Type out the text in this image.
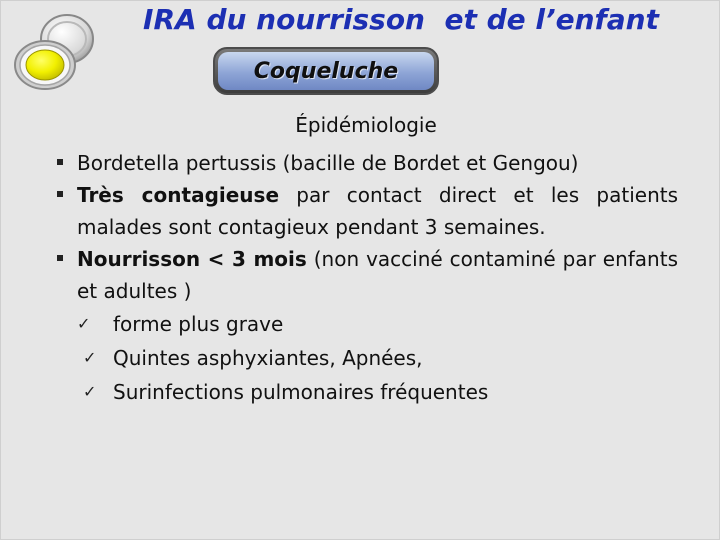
IRA du nourrisson  et de l’enfant
Coqueluche
Épidémiologie
Bordetella pertussis (bacille de Bordet et Gengou)
Très contagieuse par contact direct et les patients malades sont contagieux pendant 3 semaines.
Nourrisson < 3 mois (non vacciné contaminé par enfants et adultes )
✓ forme plus grave
✓ Quintes asphyxiantes, Apnées,
✓ Surinfections pulmonaires fréquentes
